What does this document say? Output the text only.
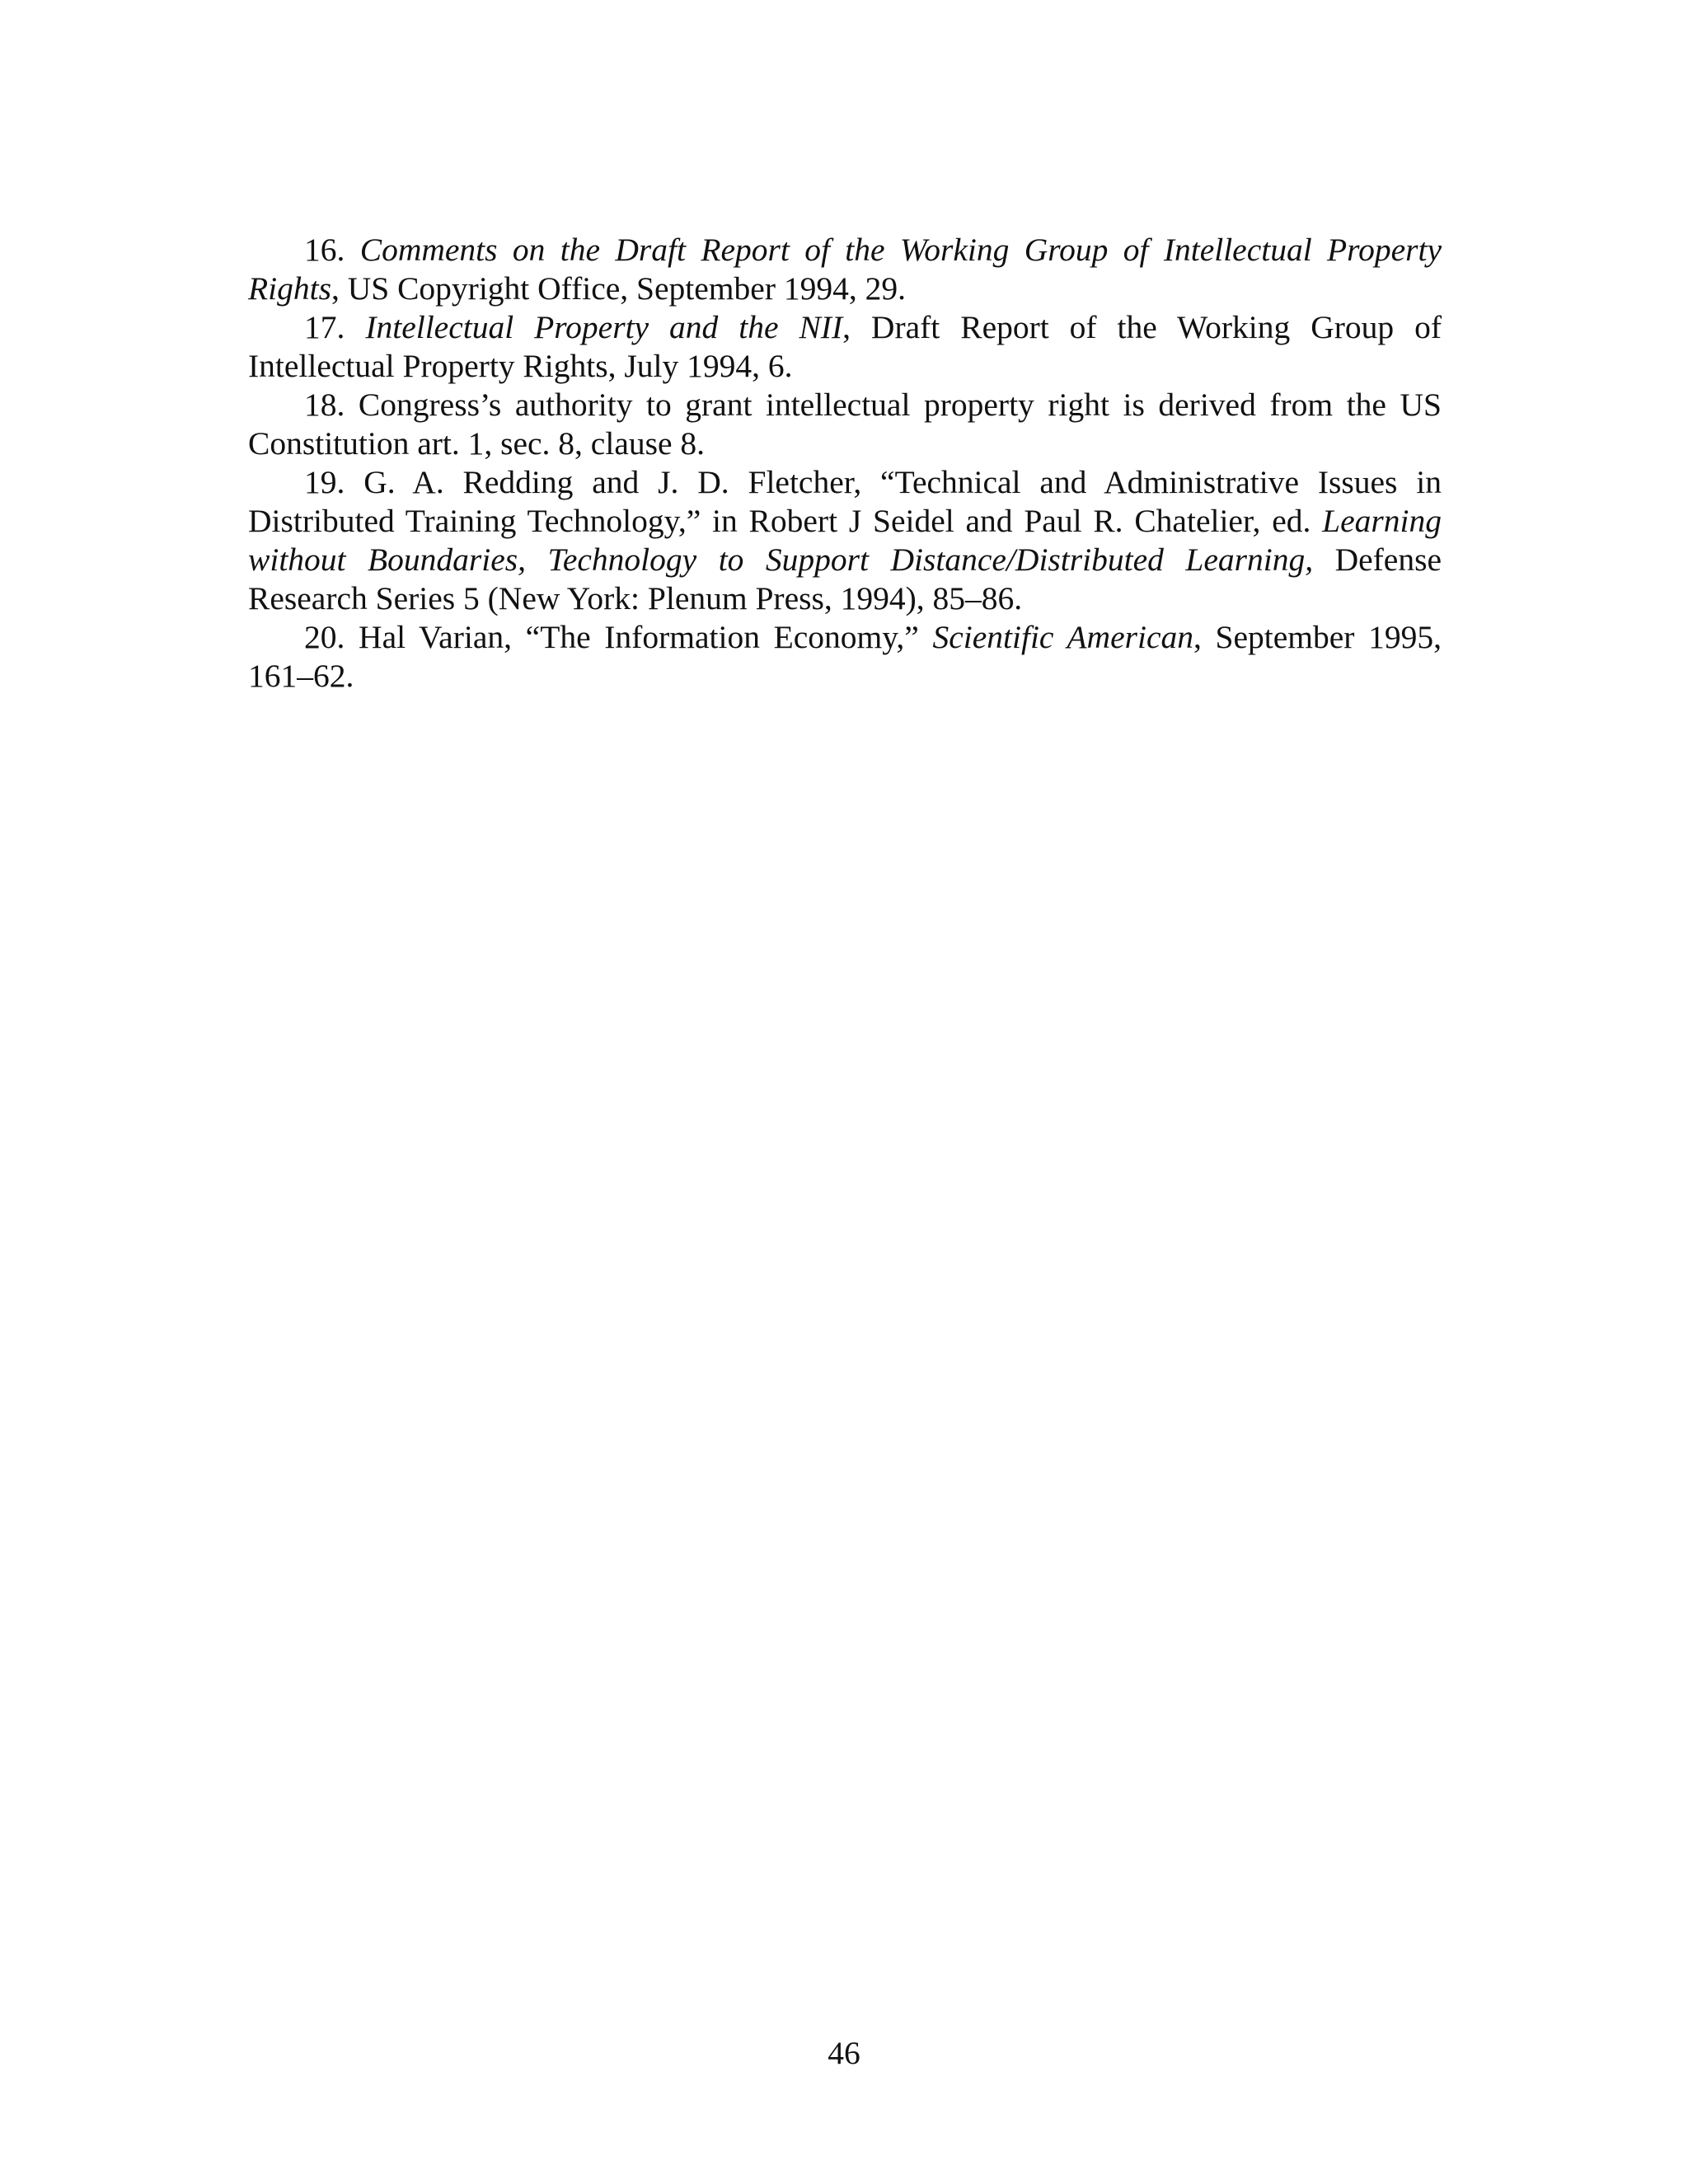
16. Comments on the Draft Report of the Working Group of Intellectual Property Rights, US Copyright Office, September 1994, 29.

17. Intellectual Property and the NII, Draft Report of the Working Group of Intellectual Property Rights, July 1994, 6.

18. Congress’s authority to grant intellectual property right is derived from the US Constitution art. 1, sec. 8, clause 8.

19. G. A. Redding and J. D. Fletcher, “Technical and Administrative Issues in Distributed Training Technology,” in Robert J Seidel and Paul R. Chatelier, ed. Learning without Boundaries, Technology to Support Distance/Distributed Learning, Defense Research Series 5 (New York: Plenum Press, 1994), 85–86.

20. Hal Varian, “The Information Economy,” Scientific American, September 1995, 161–62.

46
